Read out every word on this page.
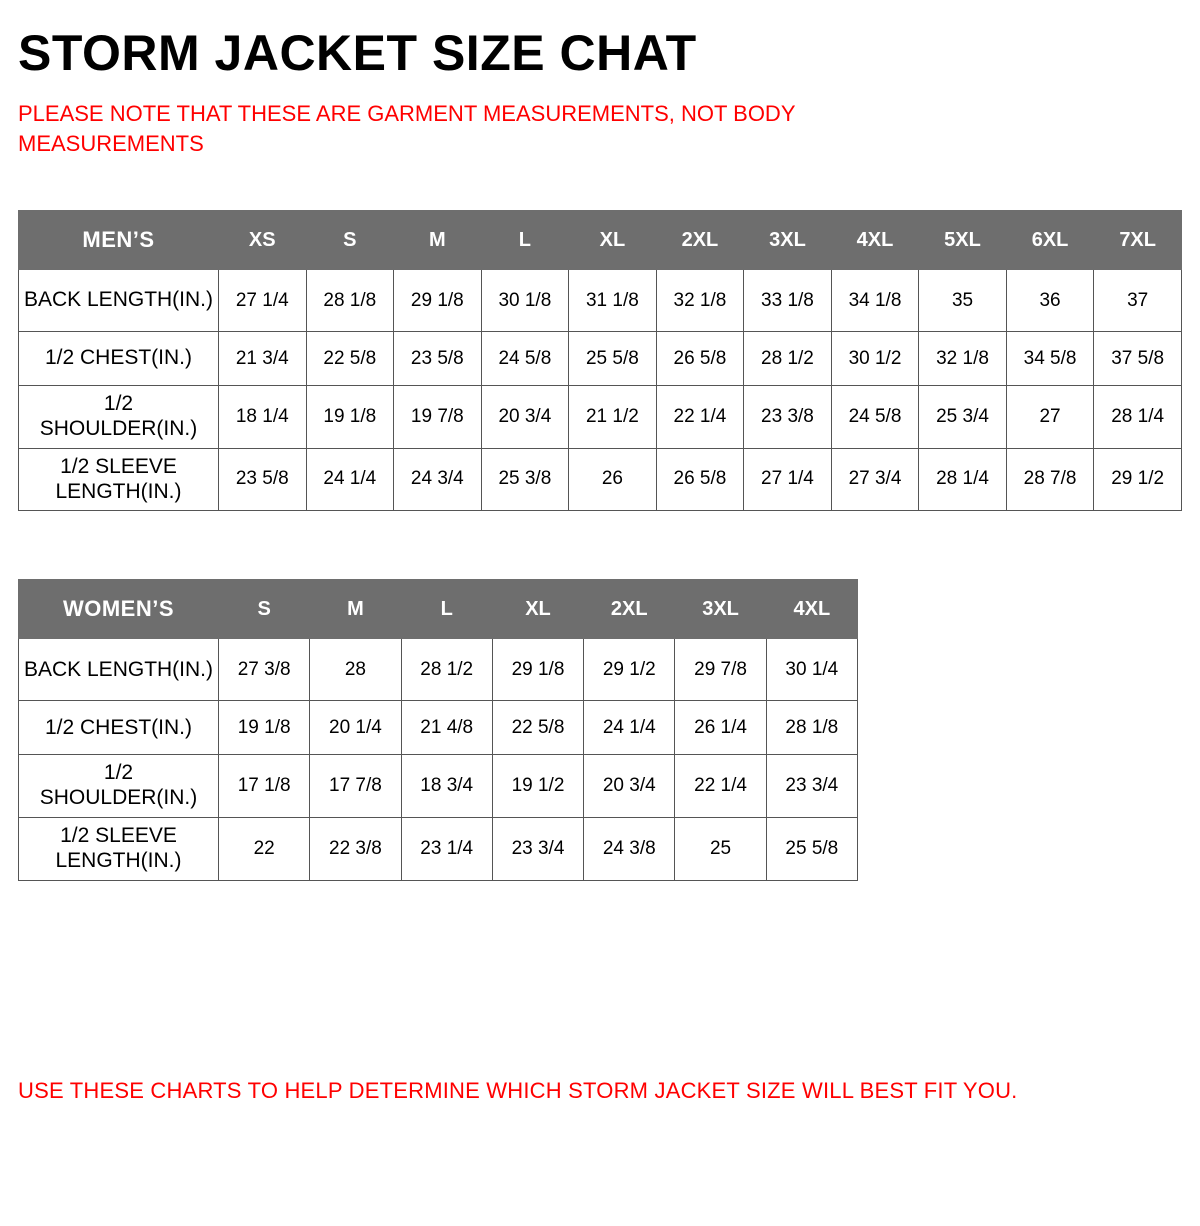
STORM JACKET SIZE CHAT

PLEASE NOTE THAT THESE ARE GARMENT MEASUREMENTS, NOT BODY MEASUREMENTS

MEN’S	XS	S	M	L	XL	2XL	3XL	4XL	5XL	6XL	7XL
BACK LENGTH(IN.)	27 1/4	28 1/8	29 1/8	30 1/8	31 1/8	32 1/8	33 1/8	34 1/8	35	36	37
1/2 CHEST(IN.)	21 3/4	22 5/8	23 5/8	24 5/8	25 5/8	26 5/8	28 1/2	30 1/2	32 1/8	34 5/8	37 5/8
1/2 SHOULDER(IN.)	18 1/4	19 1/8	19 7/8	20 3/4	21 1/2	22 1/4	23 3/8	24 5/8	25 3/4	27	28 1/4
1/2 SLEEVE LENGTH(IN.)	23 5/8	24 1/4	24 3/4	25 3/8	26	26 5/8	27 1/4	27 3/4	28 1/4	28 7/8	29 1/2
WOMEN’S	S	M	L	XL	2XL	3XL	4XL
BACK LENGTH(IN.)	27 3/8	28	28 1/2	29 1/8	29 1/2	29 7/8	30 1/4
1/2 CHEST(IN.)	19 1/8	20 1/4	21 4/8	22 5/8	24 1/4	26 1/4	28 1/8
1/2 SHOULDER(IN.)	17 1/8	17 7/8	18 3/4	19 1/2	20 3/4	22 1/4	23 3/4
1/2 SLEEVE LENGTH(IN.)	22	22 3/8	23 1/4	23 3/4	24 3/8	25	25 5/8
USE THESE CHARTS TO HELP DETERMINE WHICH STORM JACKET SIZE WILL BEST FIT YOU.
